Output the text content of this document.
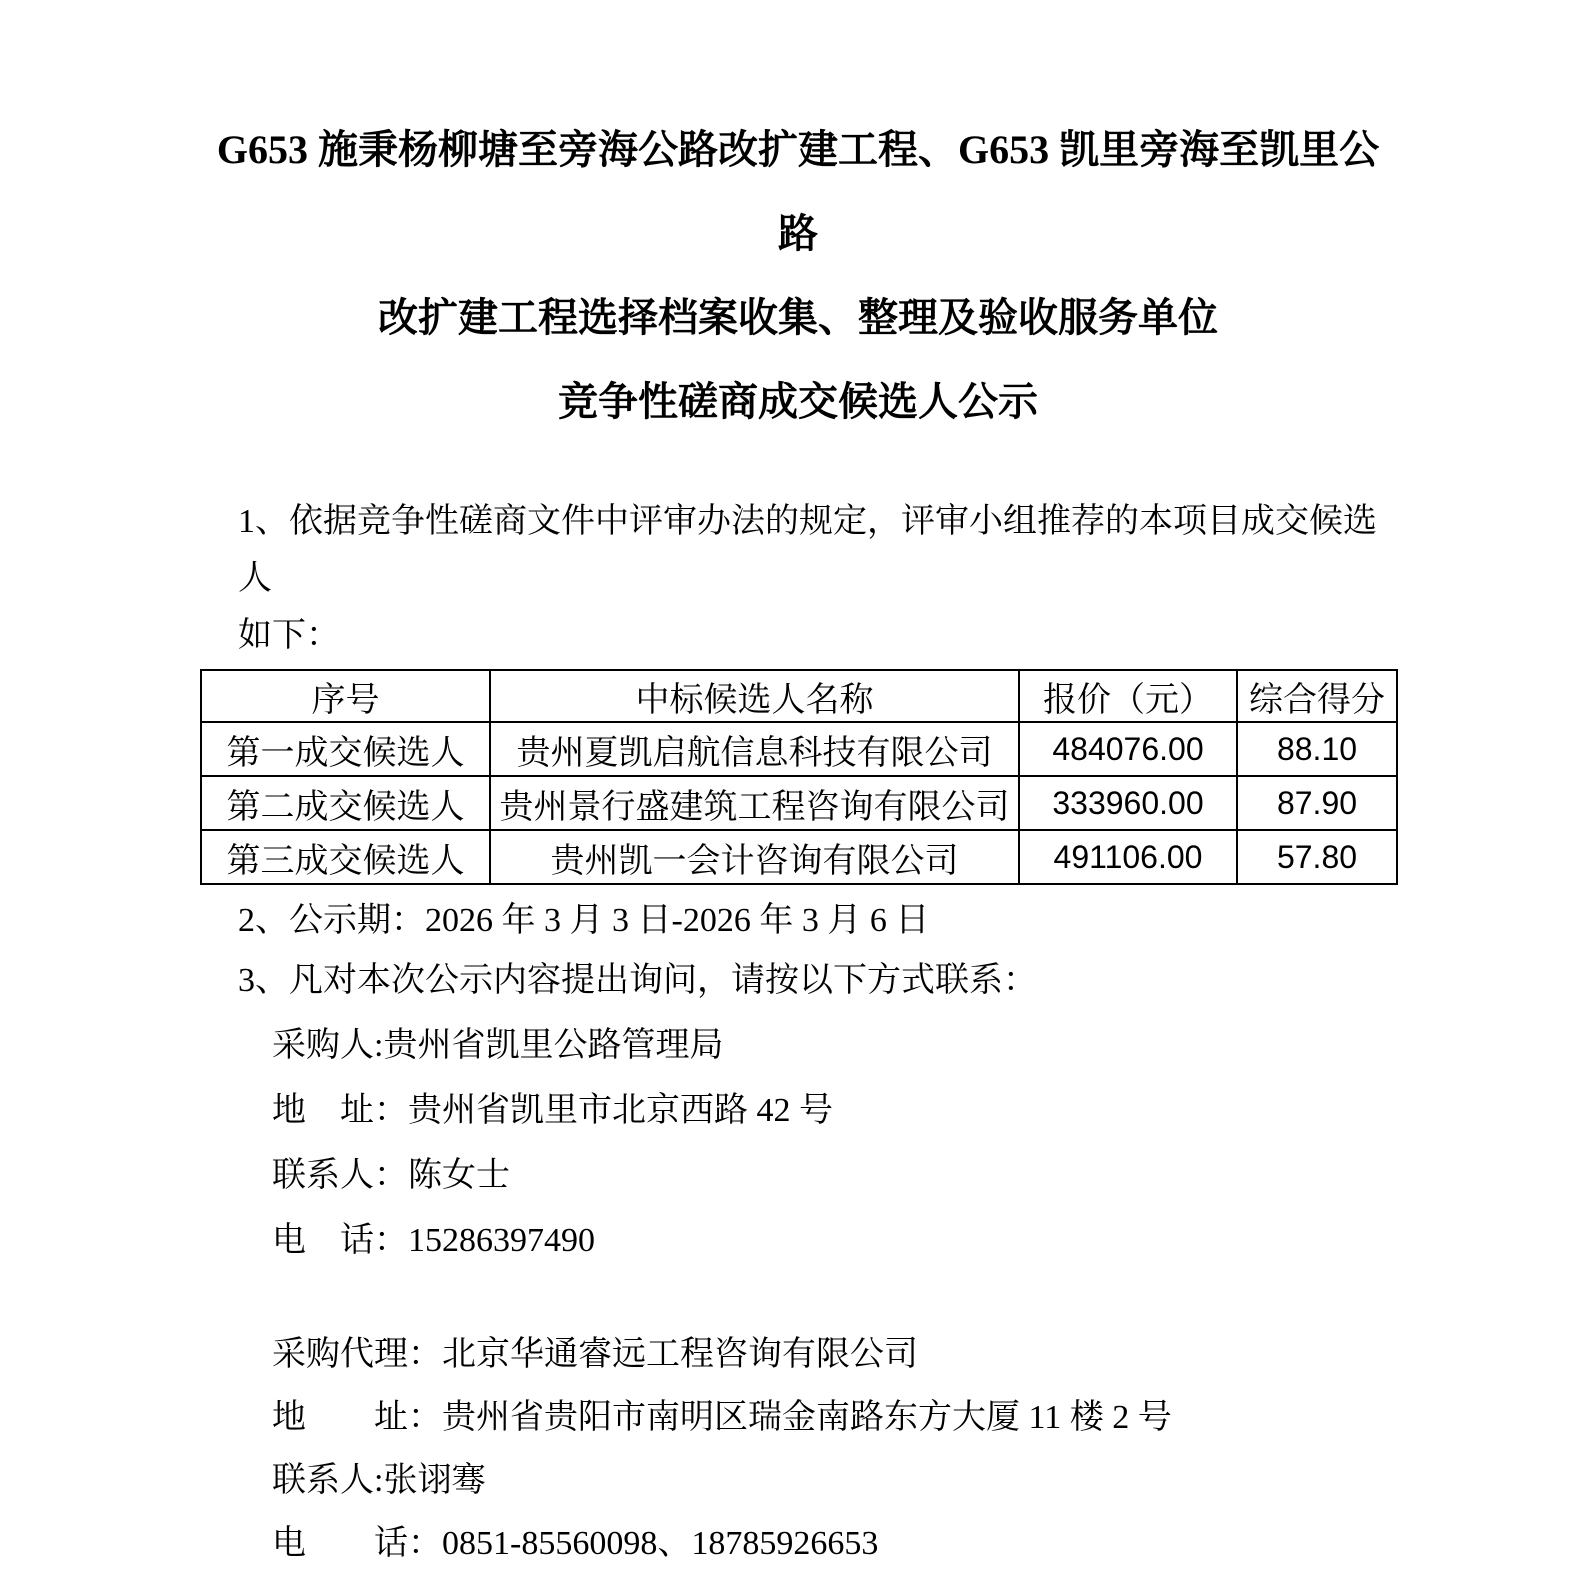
G653 施秉杨柳塘至旁海公路改扩建工程、G653 凯里旁海至凯里公路
改扩建工程选择档案收集、整理及验收服务单位
竞争性磋商成交候选人公示
1、依据竞争性磋商文件中评审办法的规定，评审小组推荐的本项目成交候选人
如下：
序号	中标候选人名称	报价（元）	综合得分
第一成交候选人	贵州夏凯启航信息科技有限公司	484076.00	88.10
第二成交候选人	贵州景行盛建筑工程咨询有限公司	333960.00	87.90
第三成交候选人	贵州凯一会计咨询有限公司	491106.00	57.80
2、公示期：2026 年 3 月 3 日-2026 年 3 月 6 日
3、凡对本次公示内容提出询问，请按以下方式联系：
采购人:贵州省凯里公路管理局
地　址：贵州省凯里市北京西路 42 号
联系人：陈女士
电　话：15286397490
采购代理：北京华通睿远工程咨询有限公司
地　　址：贵州省贵阳市南明区瑞金南路东方大厦 11 楼 2 号
联系人:张诩骞
电　　话：0851-85560098、18785926653
